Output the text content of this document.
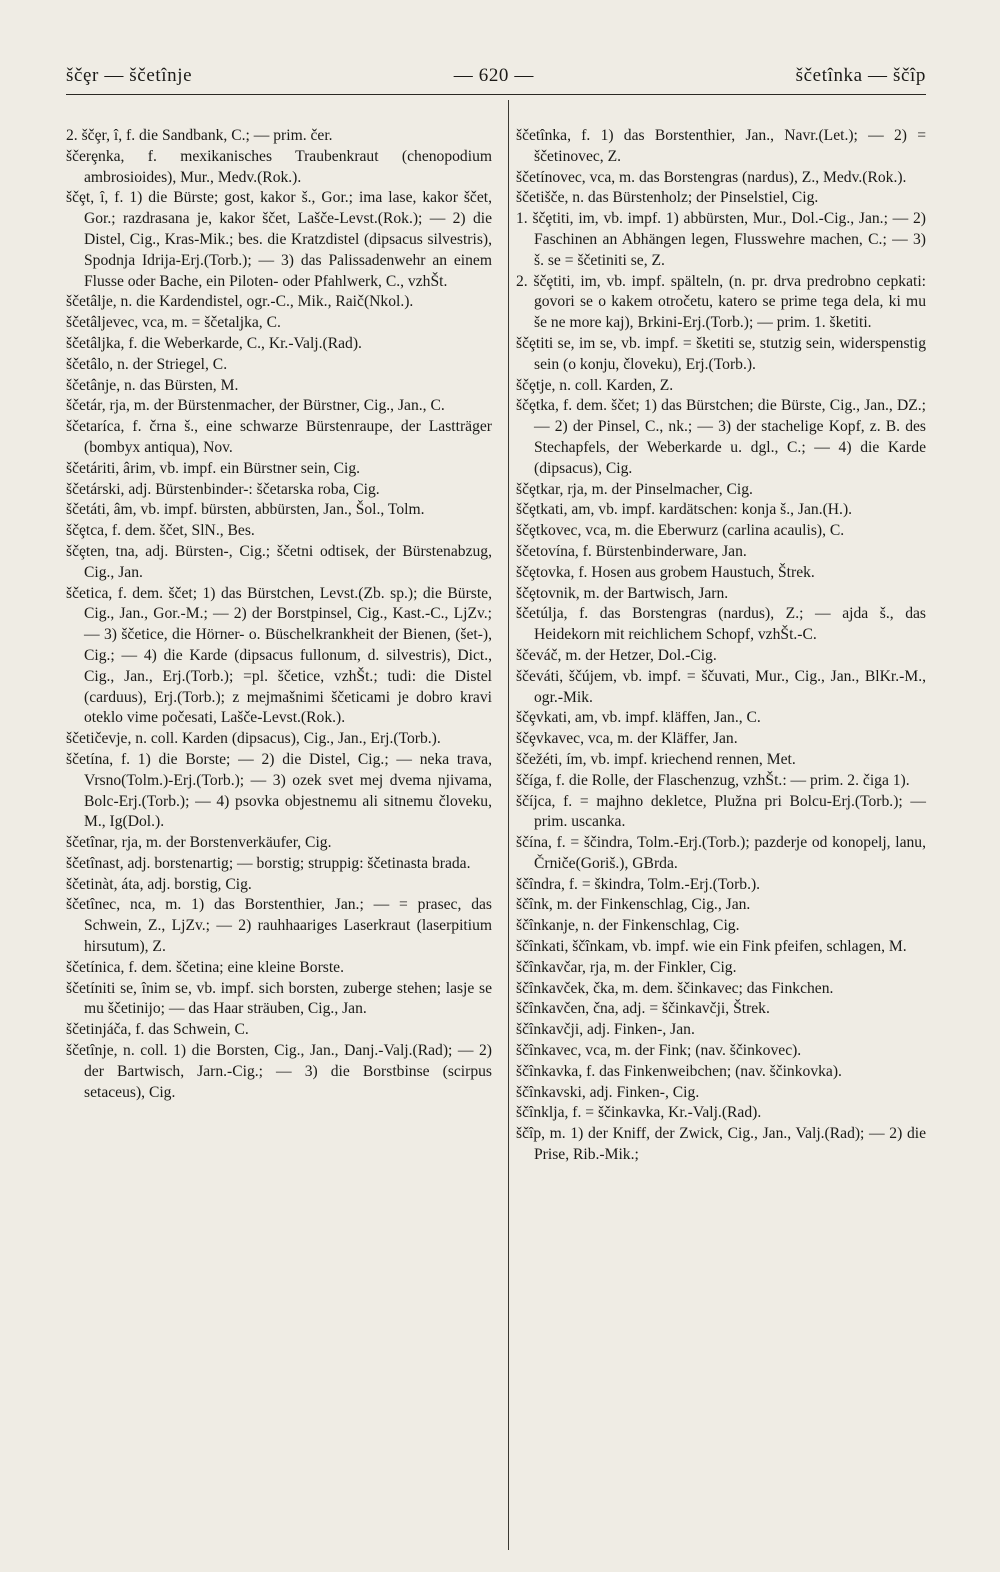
ščȩr — ščetînje	— 620 —	ščetînka — ščîp

2. ščȩr, î, f. die Sandbank, C.; — prim. čer.

ščerȩnka, f. mexikanisches Traubenkraut (chenopodium ambrosioides), Mur., Medv.(Rok.).

ščȩt, î, f. 1) die Bürste; gost, kakor š., Gor.; ima lase, kakor ščet, Gor.; razdrasana je, kakor ščet, Lašče-Levst.(Rok.); — 2) die Distel, Cig., Kras-Mik.; bes. die Kratzdistel (dipsacus silvestris), Spodnja Idrija-Erj.(Torb.); — 3) das Palissadenwehr an einem Flusse oder Bache, ein Piloten- oder Pfahlwerk, C., vzhŠt.

ščetâlje, n. die Kardendistel, ogr.-C., Mik., Raič(Nkol.).

ščetâljevec, vca, m. = ščetaljka, C.

ščetâljka, f. die Weberkarde, C., Kr.-Valj.(Rad).

ščetâlo, n. der Striegel, C.

ščetânje, n. das Bürsten, M.

ščetár, rja, m. der Bürstenmacher, der Bürstner, Cig., Jan., C.

ščetaríca, f. črna š., eine schwarze Bürstenraupe, der Lastträger (bombyx antiqua), Nov.

ščetáriti, ârim, vb. impf. ein Bürstner sein, Cig.

ščetárski, adj. Bürstenbinder-: ščetarska roba, Cig.

ščetáti, âm, vb. impf. bürsten, abbürsten, Jan., Šol., Tolm.

ščȩtca, f. dem. ščet, SlN., Bes.

ščȩten, tna, adj. Bürsten-, Cig.; ščetni odtisek, der Bürstenabzug, Cig., Jan.

ščetica, f. dem. ščet; 1) das Bürstchen, Levst.(Zb. sp.); die Bürste, Cig., Jan., Gor.-M.; — 2) der Borstpinsel, Cig., Kast.-C., LjZv.; — 3) ščetice, die Hörner- o. Büschelkrankheit der Bienen, (šet-), Cig.; — 4) die Karde (dipsacus fullonum, d. silvestris), Dict., Cig., Jan., Erj.(Torb.); =pl. ščetice, vzhŠt.; tudi: die Distel (carduus), Erj.(Torb.); z mejmašnimi ščeticami je dobro kravi oteklo vime počesati, Lašče-Levst.(Rok.).

ščetičevje, n. coll. Karden (dipsacus), Cig., Jan., Erj.(Torb.).

ščetína, f. 1) die Borste; — 2) die Distel, Cig.; — neka trava, Vrsno(Tolm.)-Erj.(Torb.); — 3) ozek svet mej dvema njivama, Bolc-Erj.(Torb.); — 4) psovka objestnemu ali sitnemu človeku, M., Ig(Dol.).

ščetînar, rja, m. der Borstenverkäufer, Cig.

ščetînast, adj. borstenartig; — borstig; struppig: ščetinasta brada.

ščetinàt, áta, adj. borstig, Cig.

ščetînec, nca, m. 1) das Borstenthier, Jan.; — = prasec, das Schwein, Z., LjZv.; — 2) rauhhaariges Laserkraut (laserpitium hirsutum), Z.

ščetínica, f. dem. ščetina; eine kleine Borste.

ščetíniti se, înim se, vb. impf. sich borsten, zuberge stehen; lasje se mu ščetinijo; — das Haar sträuben, Cig., Jan.

ščetinjáča, f. das Schwein, C.

ščetînje, n. coll. 1) die Borsten, Cig., Jan., Danj.-Valj.(Rad); — 2) der Bartwisch, Jarn.-Cig.; — 3) die Borstbinse (scirpus setaceus), Cig.

ščetînka, f. 1) das Borstenthier, Jan., Navr.(Let.); — 2) = ščetinovec, Z.

ščetínovec, vca, m. das Borstengras (nardus), Z., Medv.(Rok.).

ščetišče, n. das Bürstenholz; der Pinselstiel, Cig.

1. ščȩtiti, im, vb. impf. 1) abbürsten, Mur., Dol.-Cig., Jan.; — 2) Faschinen an Abhängen legen, Flusswehre machen, C.; — 3) š. se = ščetiniti se, Z.

2. ščȩtiti, im, vb. impf. spälteln, (n. pr. drva predrobno cepkati: govori se o kakem otročetu, katero se prime tega dela, ki mu še ne more kaj), Brkini-Erj.(Torb.); — prim. 1. šketiti.

ščȩtiti se, im se, vb. impf. = šketiti se, stutzig sein, widerspenstig sein (o konju, človeku), Erj.(Torb.).

ščȩtje, n. coll. Karden, Z.

ščȩtka, f. dem. ščet; 1) das Bürstchen; die Bürste, Cig., Jan., DZ.; — 2) der Pinsel, C., nk.; — 3) der stachelige Kopf, z. B. des Stechapfels, der Weberkarde u. dgl., C.; — 4) die Karde (dipsacus), Cig.

ščȩtkar, rja, m. der Pinselmacher, Cig.

ščȩtkati, am, vb. impf. kardätschen: konja š., Jan.(H.).

ščȩtkovec, vca, m. die Eberwurz (carlina acaulis), C.

ščetovína, f. Bürstenbinderware, Jan.

ščȩtovka, f. Hosen aus grobem Haustuch, Štrek.

ščȩtovnik, m. der Bartwisch, Jarn.

ščetúlja, f. das Borstengras (nardus), Z.; — ajda š., das Heidekorn mit reichlichem Schopf, vzhŠt.-C.

ščeváč, m. der Hetzer, Dol.-Cig.

ščeváti, ščújem, vb. impf. = ščuvati, Mur., Cig., Jan., BlKr.-M., ogr.-Mik.

ščȩvkati, am, vb. impf. kläffen, Jan., C.

ščȩvkavec, vca, m. der Kläffer, Jan.

ščežéti, ím, vb. impf. kriechend rennen, Met.

ščíga, f. die Rolle, der Flaschenzug, vzhŠt.: — prim. 2. čiga 1).

ščíjca, f. = majhno dekletce, Plužna pri Bolcu-Erj.(Torb.); — prim. uscanka.

ščína, f. = ščindra, Tolm.-Erj.(Torb.); pazderje od konopelj, lanu, Črniče(Goriš.), GBrda.

ščîndra, f. = škindra, Tolm.-Erj.(Torb.).

ščînk, m. der Finkenschlag, Cig., Jan.

ščînkanje, n. der Finkenschlag, Cig.

ščînkati, ščînkam, vb. impf. wie ein Fink pfeifen, schlagen, M.

ščînkavčar, rja, m. der Finkler, Cig.

ščînkavček, čka, m. dem. ščinkavec; das Finkchen.

ščînkavčen, čna, adj. = ščinkavčji, Štrek.

ščînkavčji, adj. Finken-, Jan.

ščînkavec, vca, m. der Fink; (nav. ščinkovec).

ščînkavka, f. das Finkenweibchen; (nav. ščinkovka).

ščînkavski, adj. Finken-, Cig.

ščînklja, f. = ščinkavka, Kr.-Valj.(Rad).

ščîp, m. 1) der Kniff, der Zwick, Cig., Jan., Valj.(Rad); — 2) die Prise, Rib.-Mik.;
